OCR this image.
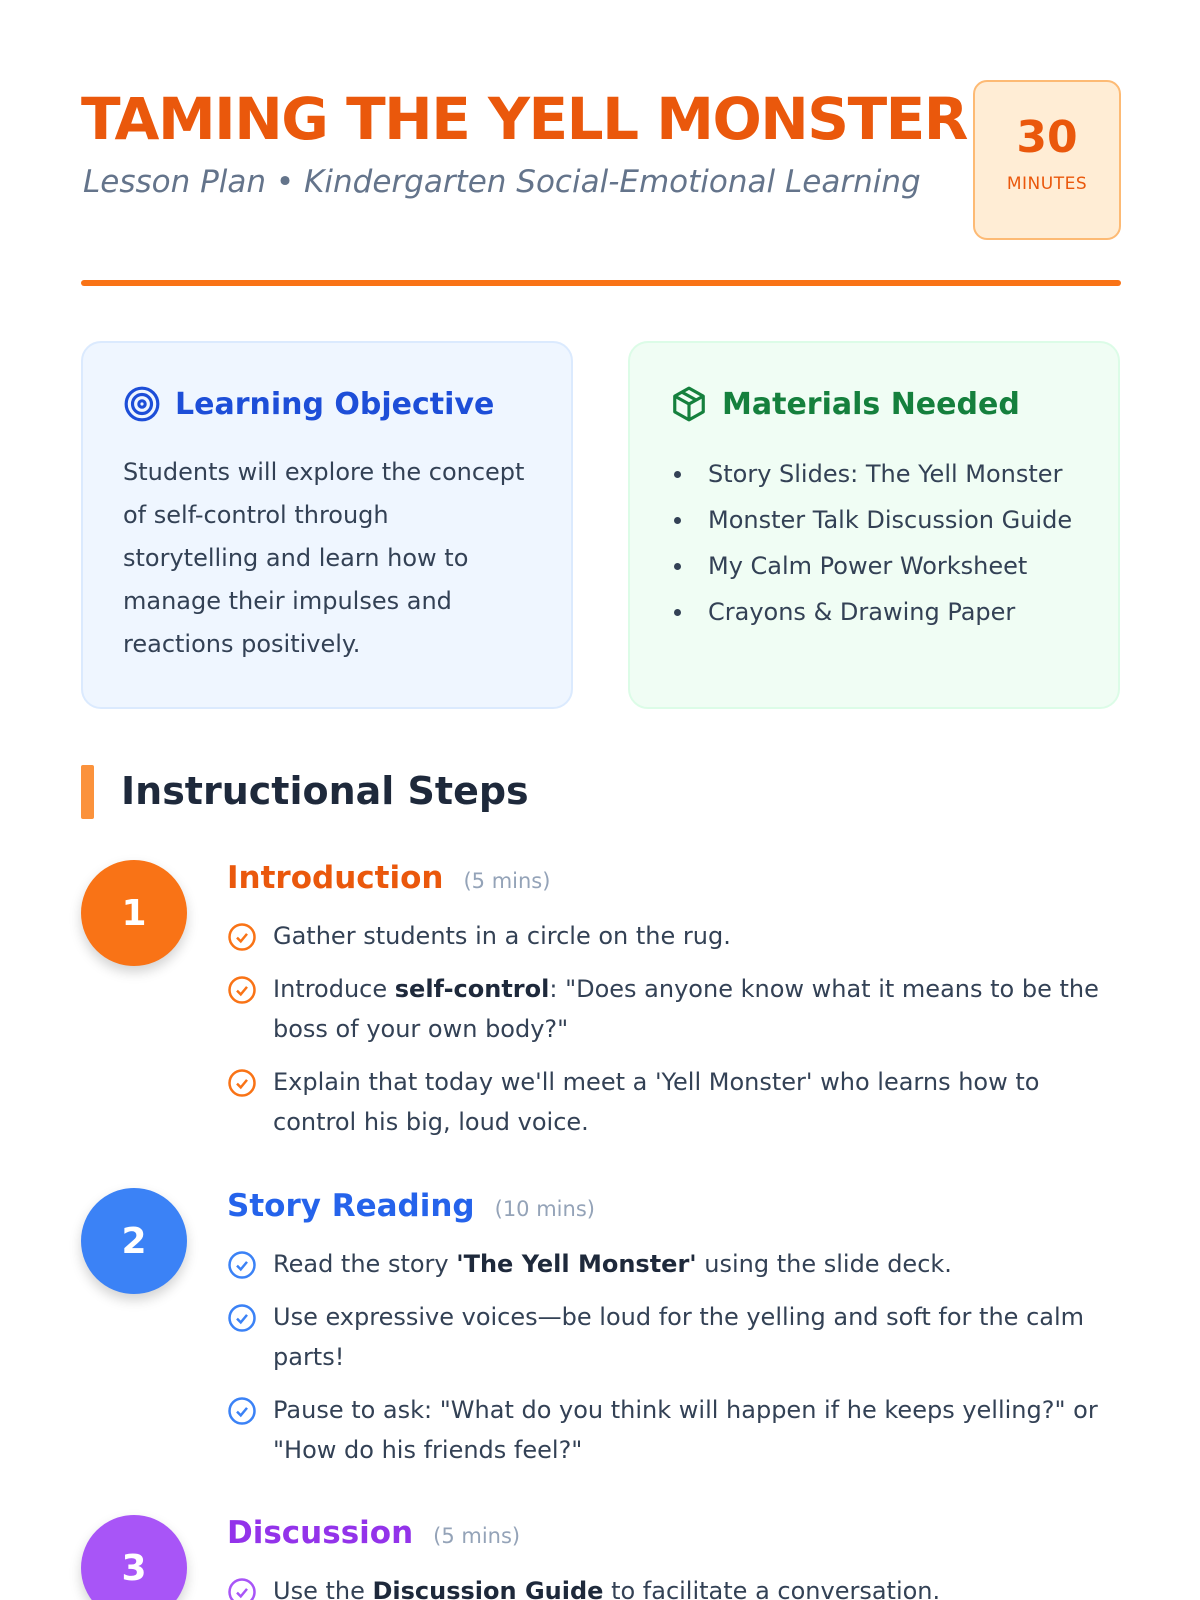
TAMING THE YELL MONSTER
Lesson Plan • Kindergarten Social-Emotional Learning
30
MINUTES
Learning Objective

Students will explore the concept of self-control through storytelling and learn how to manage their impulses and reactions positively.

Materials Needed
Story Slides: The Yell Monster
Monster Talk Discussion Guide
My Calm Power Worksheet
Crayons & Drawing Paper
Instructional Steps
1
Introduction (5 mins)
Gather students in a circle on the rug.
Introduce self-control: "Does anyone know what it means to be the boss of your own body?"
Explain that today we'll meet a 'Yell Monster' who learns how to control his big, loud voice.
2
Story Reading (10 mins)
Read the story 'The Yell Monster' using the slide deck.
Use expressive voices—be loud for the yelling and soft for the calm parts!
Pause to ask: "What do you think will happen if he keeps yelling?" or "How do his friends feel?"
3
Discussion (5 mins)
Use the Discussion Guide to facilitate a conversation.
